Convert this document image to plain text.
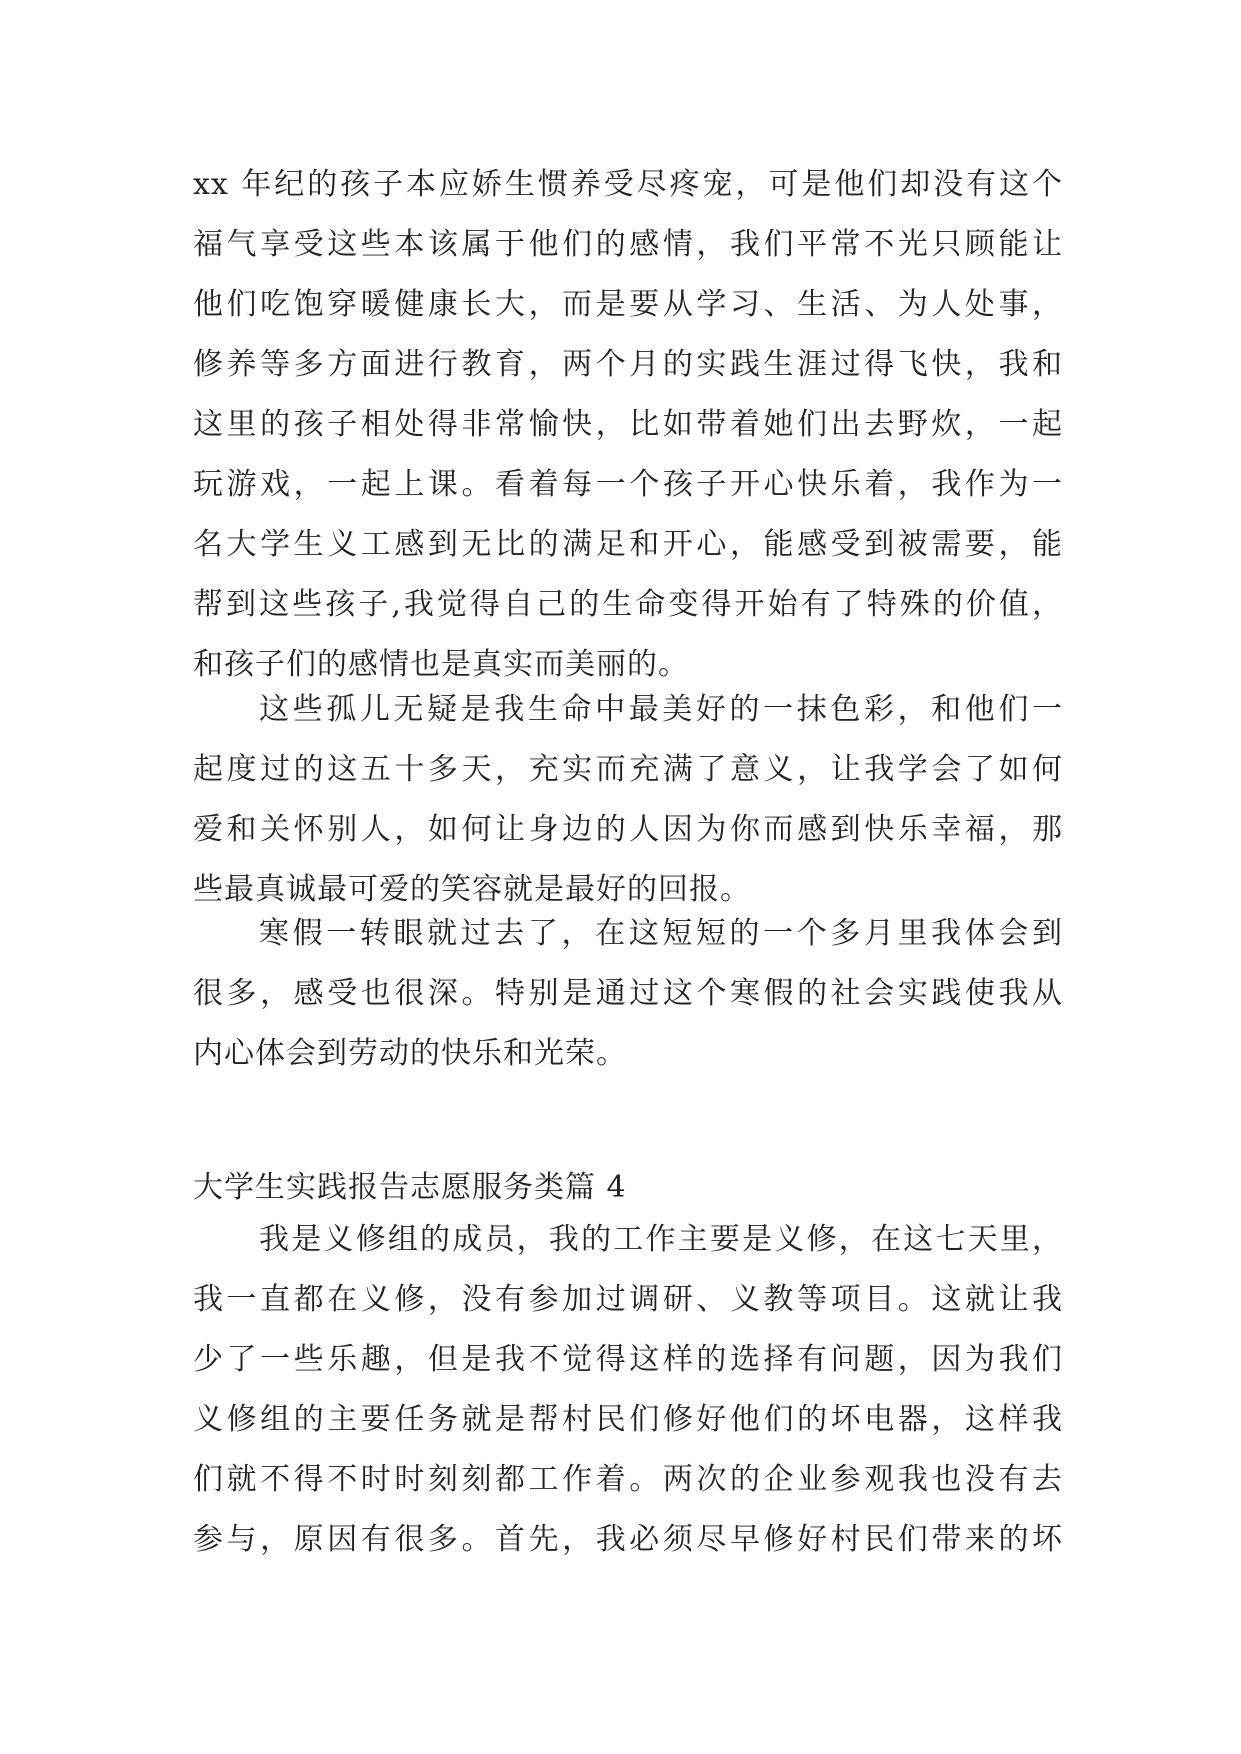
xx 年纪的孩子本应娇生惯养受尽疼宠，可是他们却没有这个
福气享受这些本该属于他们的感情，我们平常不光只顾能让
他们吃饱穿暖健康长大，而是要从学习、生活、为人处事，
修养等多方面进行教育，两个月的实践生涯过得飞快，我和
这里的孩子相处得非常愉快，比如带着她们出去野炊，一起
玩游戏，一起上课。看着每一个孩子开心快乐着，我作为一
名大学生义工感到无比的满足和开心，能感受到被需要，能
帮到这些孩子,我觉得自己的生命变得开始有了特殊的价值，
和孩子们的感情也是真实而美丽的。
这些孤儿无疑是我生命中最美好的一抹色彩，和他们一
起度过的这五十多天，充实而充满了意义，让我学会了如何
爱和关怀别人，如何让身边的人因为你而感到快乐幸福，那
些最真诚最可爱的笑容就是最好的回报。
寒假一转眼就过去了，在这短短的一个多月里我体会到
很多，感受也很深。特别是通过这个寒假的社会实践使我从
内心体会到劳动的快乐和光荣。
大学生实践报告志愿服务类篇 4
我是义修组的成员，我的工作主要是义修，在这七天里，
我一直都在义修，没有参加过调研、义教等项目。这就让我
少了一些乐趣，但是我不觉得这样的选择有问题，因为我们
义修组的主要任务就是帮村民们修好他们的坏电器，这样我
们就不得不时时刻刻都工作着。两次的企业参观我也没有去
参与，原因有很多。首先，我必须尽早修好村民们带来的坏
